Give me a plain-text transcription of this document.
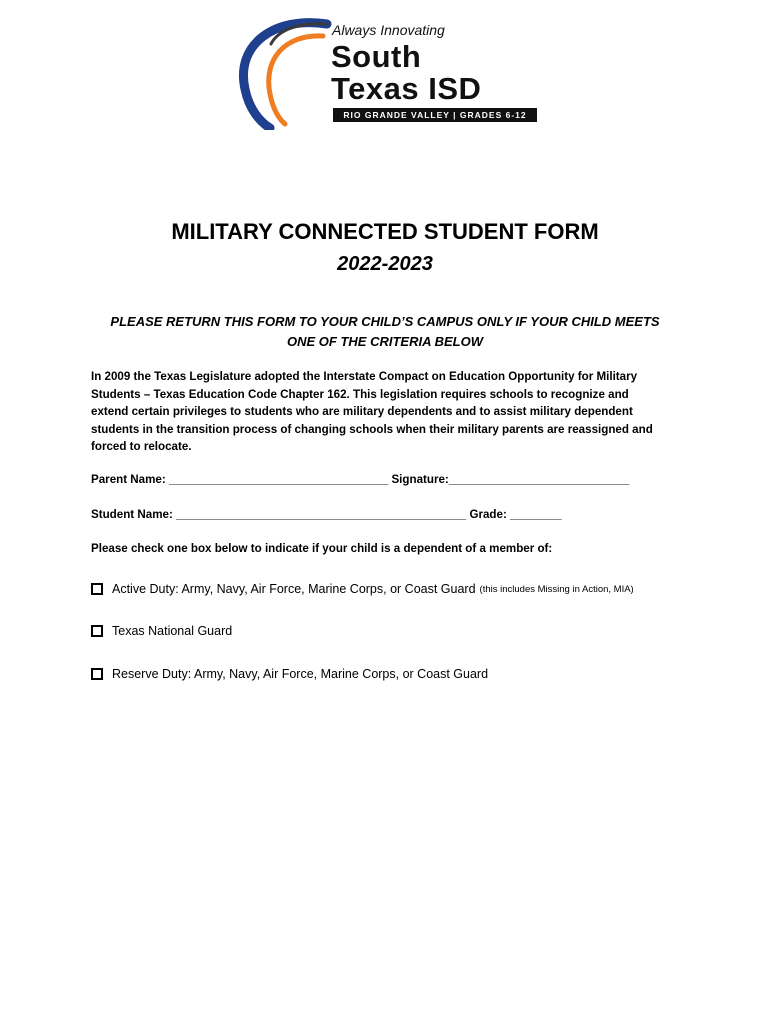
Always Innovating
South
Texas ISD
RIO GRANDE VALLEY | GRADES 6-12
MILITARY CONNECTED STUDENT FORM
2022-2023
PLEASE RETURN THIS FORM TO YOUR CHILD’S CAMPUS ONLY IF YOUR CHILD MEETS
ONE OF THE CRITERIA BELOW
In 2009 the Texas Legislature adopted the Interstate Compact on Education Opportunity for Military
Students – Texas Education Code Chapter 162. This legislation requires schools to recognize and
extend certain privileges to students who are military dependents and to assist military dependent
students in the transition process of changing schools when their military parents are reassigned and
forced to relocate.
Parent Name: __________________________________ Signature:____________________________
Student Name: _____________________________________________ Grade: ________
Please check one box below to indicate if your child is a dependent of a member of:
Active Duty: Army, Navy, Air Force, Marine Corps, or Coast Guard (this includes Missing in Action, MIA)
Texas National Guard
Reserve Duty: Army, Navy, Air Force, Marine Corps, or Coast Guard
